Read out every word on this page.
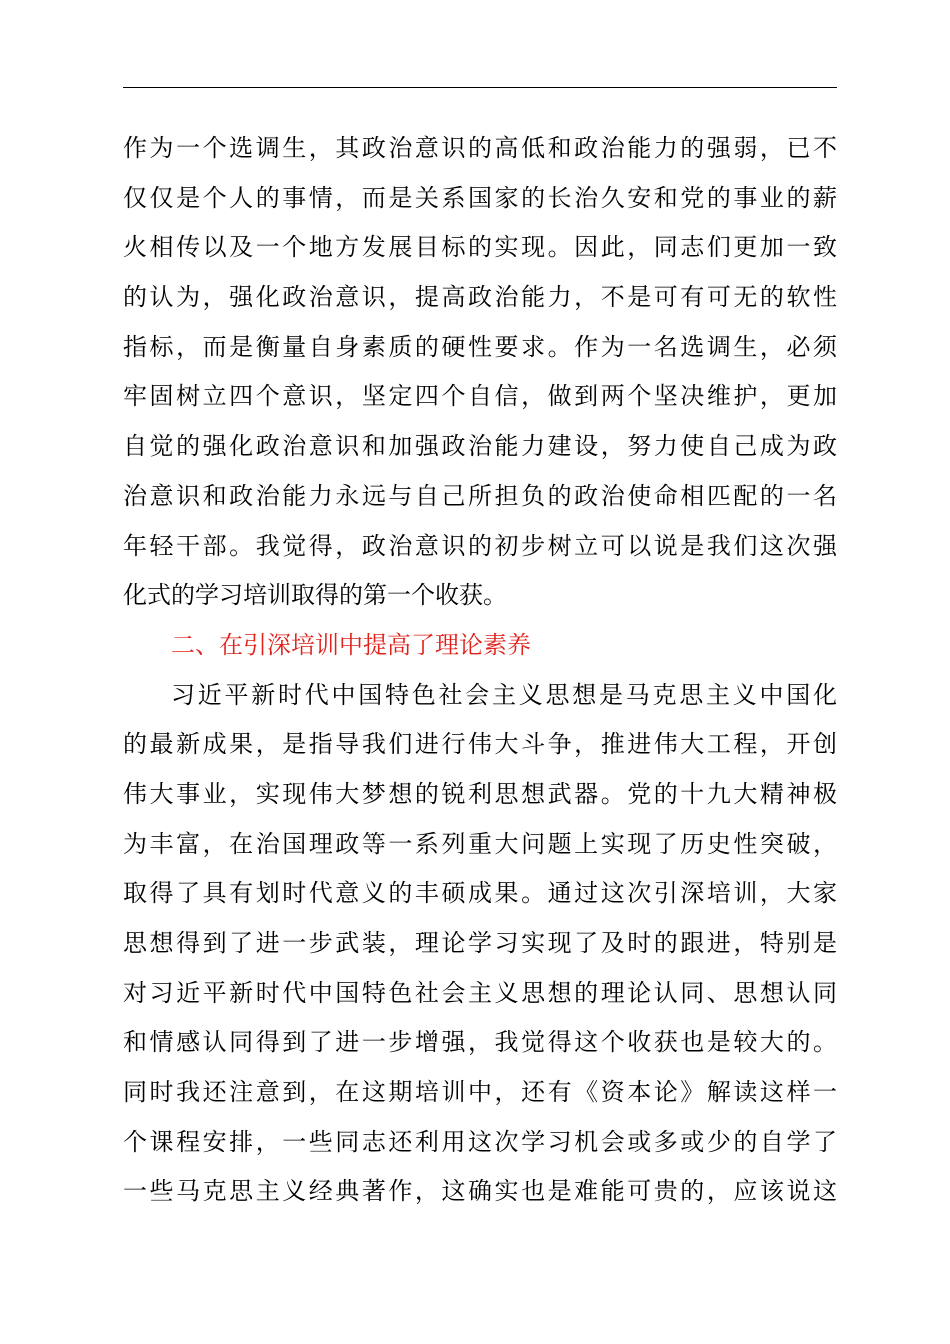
作为一个选调生，其政治意识的高低和政治能力的强弱，已不
仅仅是个人的事情，而是关系国家的长治久安和党的事业的薪
火相传以及一个地方发展目标的实现。因此，同志们更加一致
的认为，强化政治意识，提高政治能力，不是可有可无的软性
指标，而是衡量自身素质的硬性要求。作为一名选调生，必须
牢固树立四个意识，坚定四个自信，做到两个坚决维护，更加
自觉的强化政治意识和加强政治能力建设，努力使自己成为政
治意识和政治能力永远与自己所担负的政治使命相匹配的一名
年轻干部。我觉得，政治意识的初步树立可以说是我们这次强
化式的学习培训取得的第一个收获。
二、在引深培训中提高了理论素养
习近平新时代中国特色社会主义思想是马克思主义中国化
的最新成果，是指导我们进行伟大斗争，推进伟大工程，开创
伟大事业，实现伟大梦想的锐利思想武器。党的十九大精神极
为丰富，在治国理政等一系列重大问题上实现了历史性突破，
取得了具有划时代意义的丰硕成果。通过这次引深培训，大家
思想得到了进一步武装，理论学习实现了及时的跟进，特别是
对习近平新时代中国特色社会主义思想的理论认同、思想认同
和情感认同得到了进一步增强，我觉得这个收获也是较大的。
同时我还注意到，在这期培训中，还有《资本论》解读这样一
个课程安排，一些同志还利用这次学习机会或多或少的自学了
一些马克思主义经典著作，这确实也是难能可贵的，应该说这
